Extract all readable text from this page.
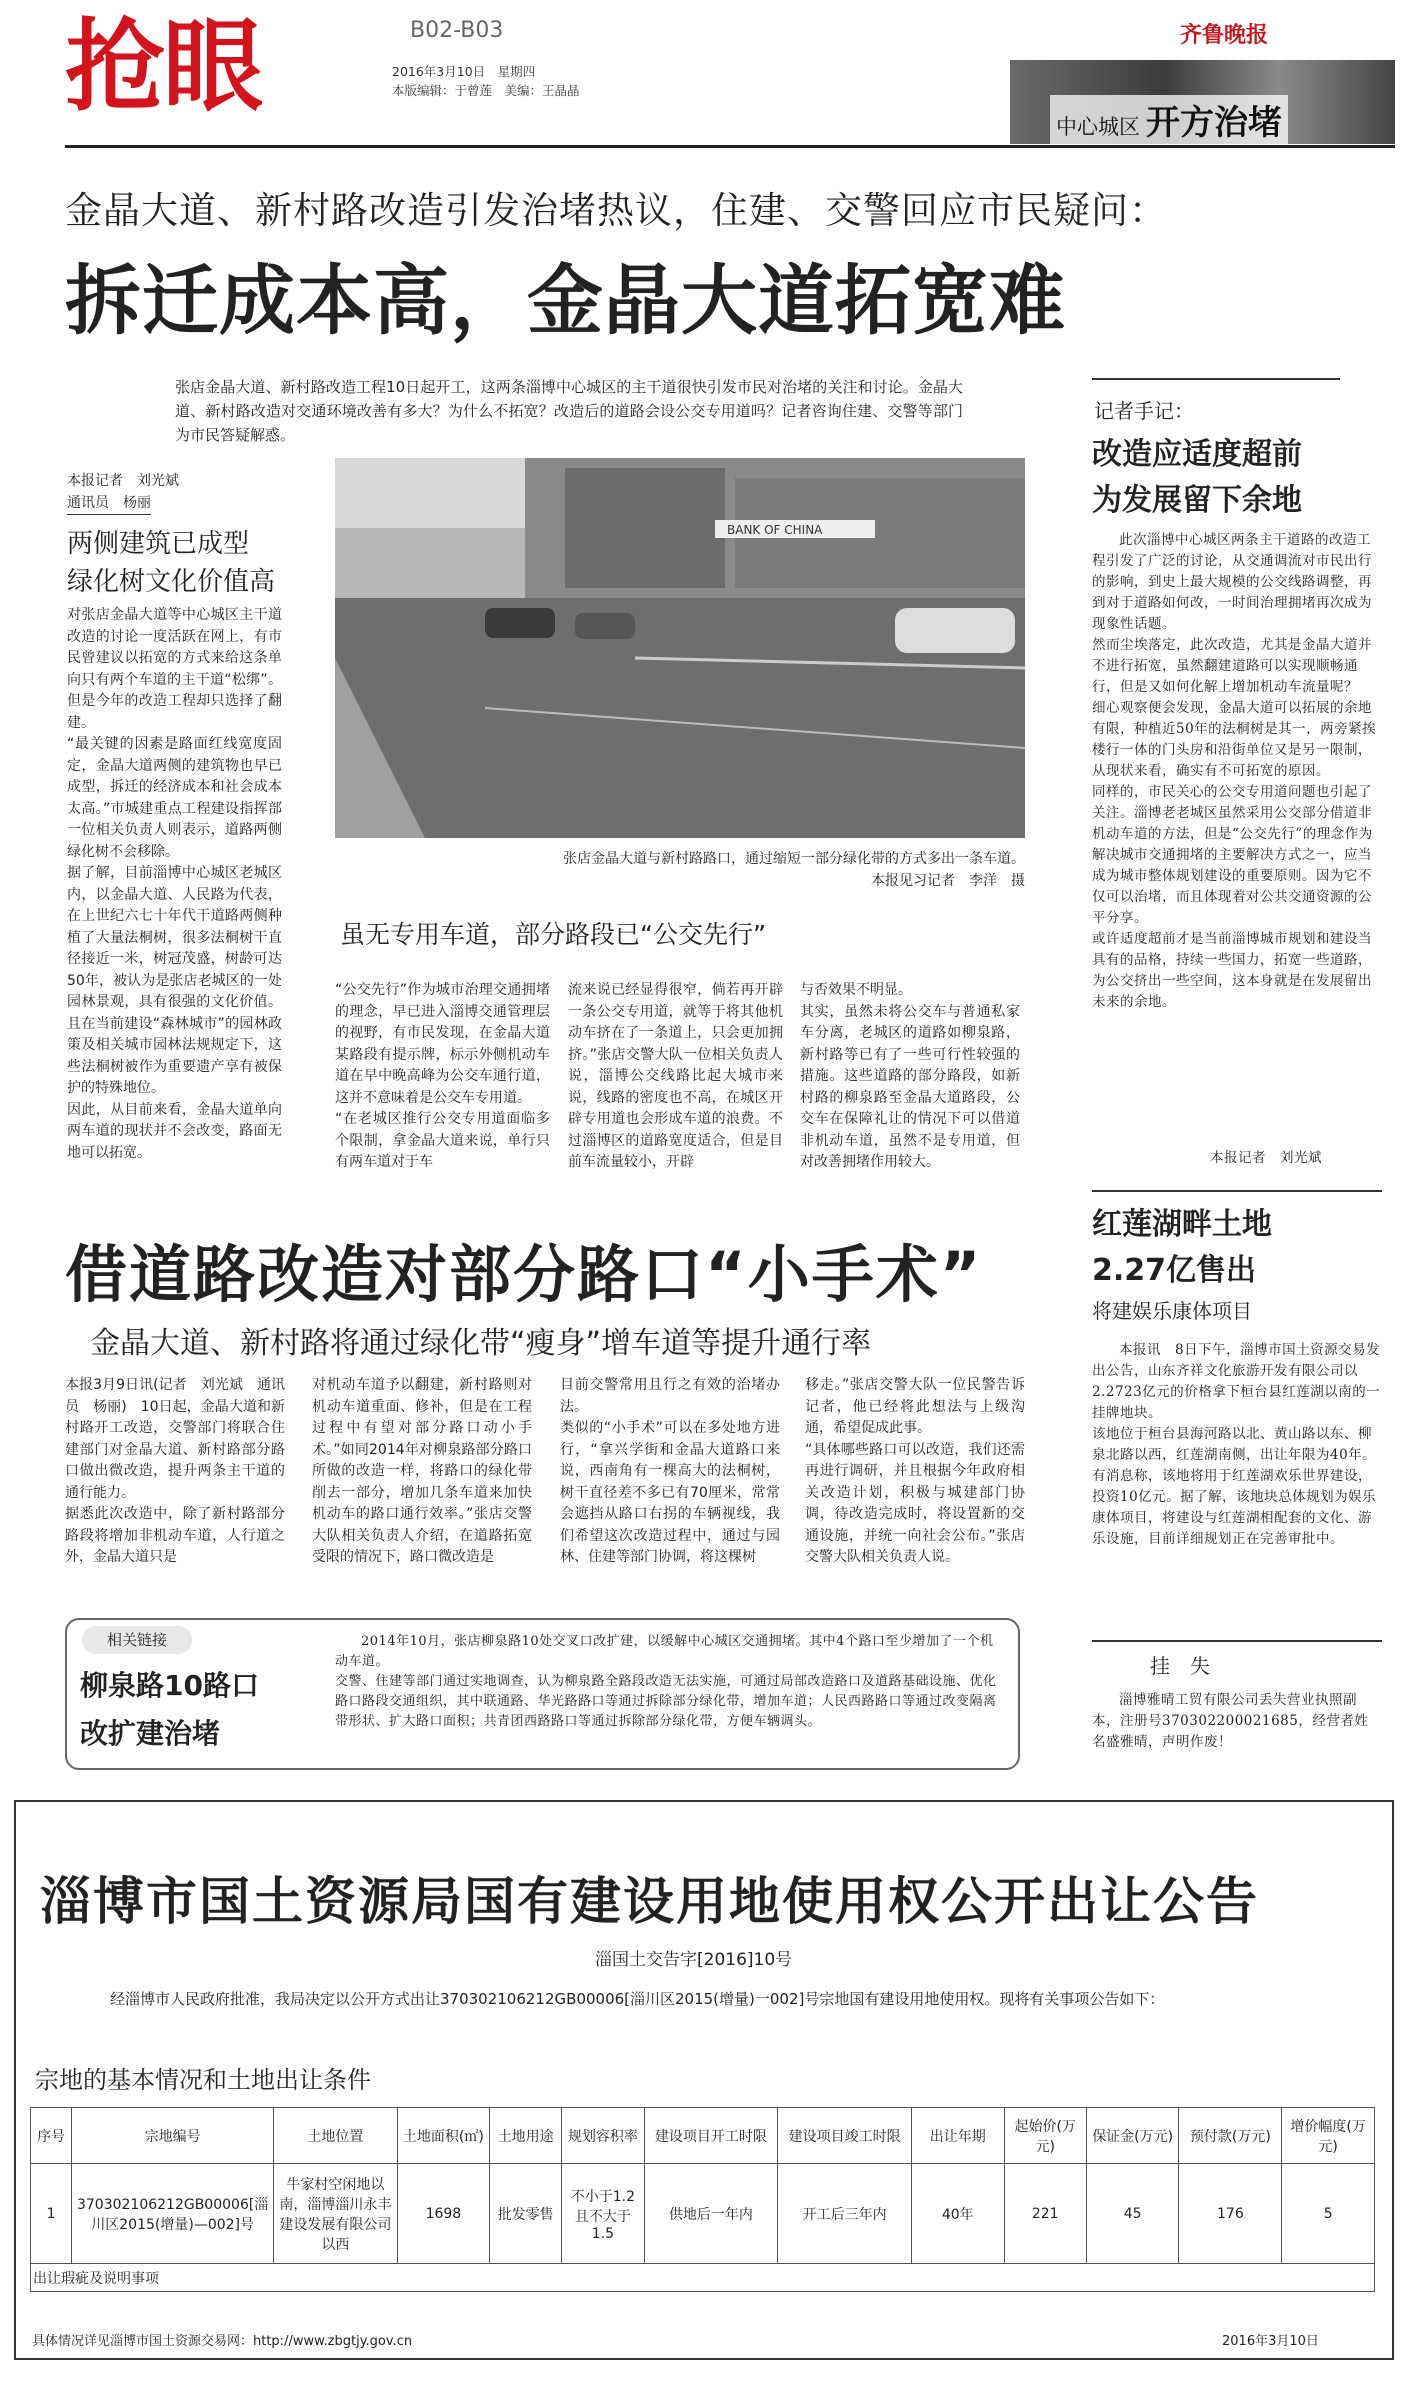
抢眼	B02-B03
2016年3月10日　星期四
本版编辑：于曾莲　美编：王晶晶
齐鲁晚报
中心城区 开方治堵
金晶大道、新村路改造引发治堵热议，住建、交警回应市民疑问：
拆迁成本高，金晶大道拓宽难
张店金晶大道、新村路改造工程10日起开工，这两条淄博中心城区的主干道很快引发市民对治堵的关注和讨论。金晶大道、新村路改造对交通环境改善有多大？为什么不拓宽？改造后的道路会设公交专用道吗？记者咨询住建、交警等部门为市民答疑解惑。
本报记者　刘光斌
通讯员　杨丽
两侧建筑已成型
绿化树文化价值高
对张店金晶大道等中心城区主干道改造的讨论一度活跃在网上，有市民曾建议以拓宽的方式来给这条单向只有两个车道的主干道“松绑”。但是今年的改造工程却只选择了翻建。
“最关键的因素是路面红线宽度固定，金晶大道两侧的建筑物也早已成型，拆迁的经济成本和社会成本太高。”市城建重点工程建设指挥部一位相关负责人则表示，道路两侧绿化树不会移除。
据了解，目前淄博中心城区老城区内，以金晶大道、人民路为代表，在上世纪六七十年代干道路两侧种植了大量法桐树，很多法桐树干直径接近一米，树冠茂盛，树龄可达50年，被认为是张店老城区的一处园林景观，具有很强的文化价值。且在当前建设“森林城市”的园林政策及相关城市园林法规规定下，这些法桐树被作为重要遗产享有被保护的特殊地位。
因此，从目前来看，金晶大道单向两车道的现状并不会改变，路面无地可以拓宽。
BANK OF CHINA
张店金晶大道与新村路路口，通过缩短一部分绿化带的方式多出一条车道。
本报见习记者　李洋　摄
虽无专用车道，部分路段已“公交先行”
“公交先行”作为城市治理交通拥堵的理念，早已进入淄博交通管理层的视野，有市民发现，在金晶大道某路段有提示牌，标示外侧机动车道在早中晚高峰为公交车通行道，这并不意味着是公交车专用道。
“在老城区推行公交专用道面临多个限制，拿金晶大道来说，单行只有两车道对于车
流来说已经显得很窄，倘若再开辟一条公交专用道，就等于将其他机动车挤在了一条道上，只会更加拥挤。”张店交警大队一位相关负责人说，淄博公交线路比起大城市来说，线路的密度也不高，在城区开辟专用道也会形成车道的浪费。不过淄博区的道路宽度适合，但是目前车流量较小，开辟
与否效果不明显。
其实，虽然未将公交车与普通私家车分离，老城区的道路如柳泉路，新村路等已有了一些可行性较强的措施。这些道路的部分路段，如新村路的柳泉路至金晶大道路段，公交车在保障礼让的情况下可以借道非机动车道，虽然不是专用道，但对改善拥堵作用较大。
记者手记：
改造应适度超前
为发展留下余地
此次淄博中心城区两条主干道路的改造工程引发了广泛的讨论，从交通调流对市民出行的影响，到史上最大规模的公交线路调整，再到对于道路如何改，一时间治理拥堵再次成为现象性话题。
然而尘埃落定，此次改造，尤其是金晶大道并不进行拓宽，虽然翻建道路可以实现顺畅通行，但是又如何化解上增加机动车流量呢？
细心观察便会发现，金晶大道可以拓展的余地有限，种植近50年的法桐树是其一，两旁紧挨楼行一体的门头房和沿街单位又是另一限制，从现状来看，确实有不可拓宽的原因。
同样的，市民关心的公交专用道问题也引起了关注。淄博老老城区虽然采用公交部分借道非机动车道的方法，但是“公交先行”的理念作为解决城市交通拥堵的主要解决方式之一，应当成为城市整体规划建设的重要原则。因为它不仅可以治堵，而且体现着对公共交通资源的公平分享。
或许适度超前才是当前淄博城市规划和建设当具有的品格，持续一些国力，拓宽一些道路，为公交挤出一些空间，这本身就是在发展留出未来的余地。
本报记者　刘光斌
红莲湖畔土地
2.27亿售出
将建娱乐康体项目
本报讯　8日下午，淄博市国土资源交易发出公告，山东齐祥文化旅游开发有限公司以2.2723亿元的价格拿下桓台县红莲湖以南的一挂牌地块。
该地位于桓台县海河路以北、黄山路以东、柳泉北路以西，红莲湖南侧，出让年限为40年。有消息称，该地将用于红莲湖欢乐世界建设，投资10亿元。据了解，该地块总体规划为娱乐康体项目，将建设与红莲湖相配套的文化、游乐设施，目前详细规划正在完善审批中。
借道路改造对部分路口“小手术”
金晶大道、新村路将通过绿化带“瘦身”增车道等提升通行率
本报3月9日讯(记者　刘光斌　通讯员　杨丽)　10日起，金晶大道和新村路开工改造，交警部门将联合住建部门对金晶大道、新村路部分路口做出微改造，提升两条主干道的通行能力。
据悉此次改造中，除了新村路部分路段将增加非机动车道，人行道之外，金晶大道只是
对机动车道予以翻建，新村路则对机动车道重面、修补，但是在工程过程中有望对部分路口动小手术。”如同2014年对柳泉路部分路口所做的改造一样，将路口的绿化带削去一部分，增加几条车道来加快机动车的路口通行效率。”张店交警大队相关负责人介绍，在道路拓宽受限的情况下，路口微改造是
目前交警常用且行之有效的治堵办法。
类似的“小手术”可以在多处地方进行，“拿兴学街和金晶大道路口来说，西南角有一棵高大的法桐树，树干直径差不多已有70厘米，常常会遮挡从路口右拐的车辆视线，我们希望这次改造过程中，通过与园林、住建等部门协调，将这棵树
移走。”张店交警大队一位民警告诉记者，他已经将此想法与上级沟通，希望促成此事。
“具体哪些路口可以改造，我们还需再进行调研，并且根据今年政府相关改造计划，积极与城建部门协调，待改造完成时，将设置新的交通设施，并统一向社会公布。”张店交警大队相关负责人说。
相关链接
柳泉路10路口
改扩建治堵
2014年10月，张店柳泉路10处交叉口改扩建，以缓解中心城区交通拥堵。其中4个路口至少增加了一个机动车道。
交警、住建等部门通过实地调查，认为柳泉路全路段改造无法实施，可通过局部改造路口及道路基础设施、优化路口路段交通组织，其中联通路、华光路路口等通过拆除部分绿化带，增加车道；人民西路路口等通过改变隔离带形状、扩大路口面积；共青团西路路口等通过拆除部分绿化带，方便车辆调头。
挂　失
淄博雅晴工贸有限公司丢失营业执照副本，注册号370302200021685，经营者姓名盛雅晴，声明作废！
淄博市国土资源局国有建设用地使用权公开出让公告
淄国土交告字[2016]10号
经淄博市人民政府批准，我局决定以公开方式出让370302106212GB00006[淄川区2015(增量)一002]号宗地国有建设用地使用权。现将有关事项公告如下：
宗地的基本情况和土地出让条件
序号	宗地编号	土地位置	土地面积(㎡)	土地用途	规划容积率	建设项目开工时限	建设项目竣工时限	出让年期	起始价(万元)	保证金(万元)	预付款(万元)	增价幅度(万元)
1	370302106212GB00006[淄川区2015(增量)—002]号	牛家村空闲地以南，淄博淄川永丰建设发展有限公司以西	1698	批发零售	不小于1.2且不大于1.5	供地后一年内	开工后三年内	40年	221	45	176	5
出让瑕疵及说明事项												
具体情况详见淄博市国土资源交易网：http://www.zbgtjy.gov.cn	2016年3月10日
